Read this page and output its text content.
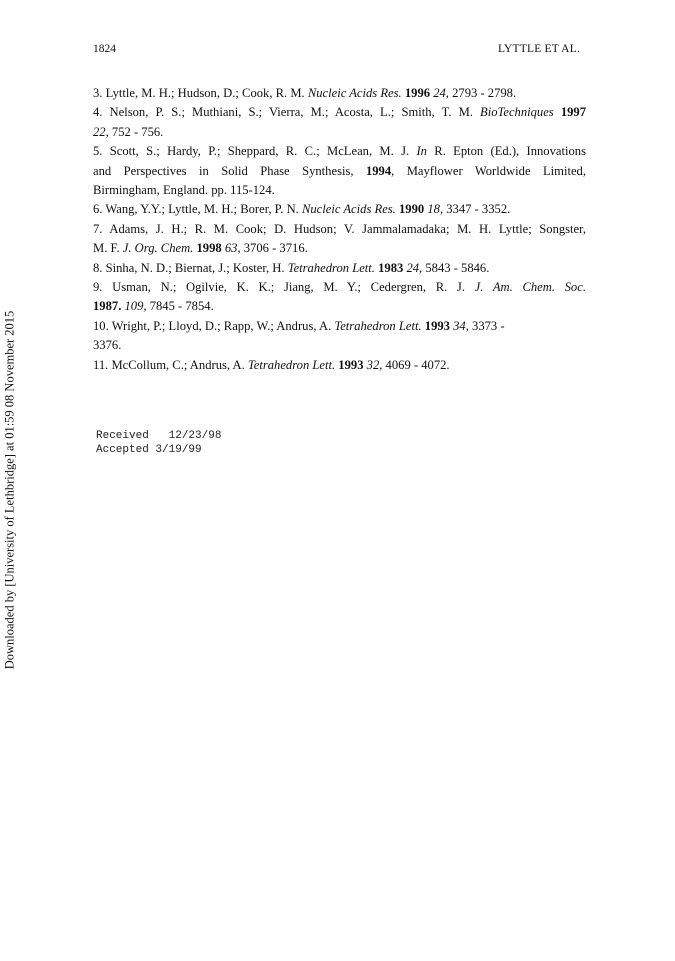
Downloaded by [University of Lethbridge] at 01:59 08 November 2015
1824	LYTTLE ET AL.

3. Lyttle, M. H.; Hudson, D.; Cook, R. M. Nucleic Acids Res. 1996 24, 2793 - 2798.

4. Nelson, P. S.; Muthiani, S.; Vierra, M.; Acosta, L.; Smith, T. M. BioTechniques 1997
22, 752 - 756.

5. Scott, S.; Hardy, P.; Sheppard, R. C.; McLean, M. J. In R. Epton (Ed.), Innovations
and Perspectives in Solid Phase Synthesis, 1994, Mayflower Worldwide Limited,
Birmingham, England. pp. 115-124.

6. Wang, Y.Y.; Lyttle, M. H.; Borer, P. N. Nucleic Acids Res. 1990 18, 3347 - 3352.

7. Adams, J. H.; R. M. Cook; D. Hudson; V. Jammalamadaka; M. H. Lyttle; Songster,
M. F. J. Org. Chem. 1998 63, 3706 - 3716.

8. Sinha, N. D.; Biernat, J.; Koster, H. Tetrahedron Lett. 1983 24, 5843 - 5846.

9. Usman, N.; Ogilvie, K. K.; Jiang, M. Y.; Cedergren, R. J. J. Am. Chem. Soc.
1987. 109, 7845 - 7854.

10. Wright, P.; Lloyd, D.; Rapp, W.; Andrus, A. Tetrahedron Lett. 1993 34, 3373 -
3376.

11. McCollum, C.; Andrus, A. Tetrahedron Lett. 1993 32, 4069 - 4072.

Received   12/23/98
Accepted 3/19/99
